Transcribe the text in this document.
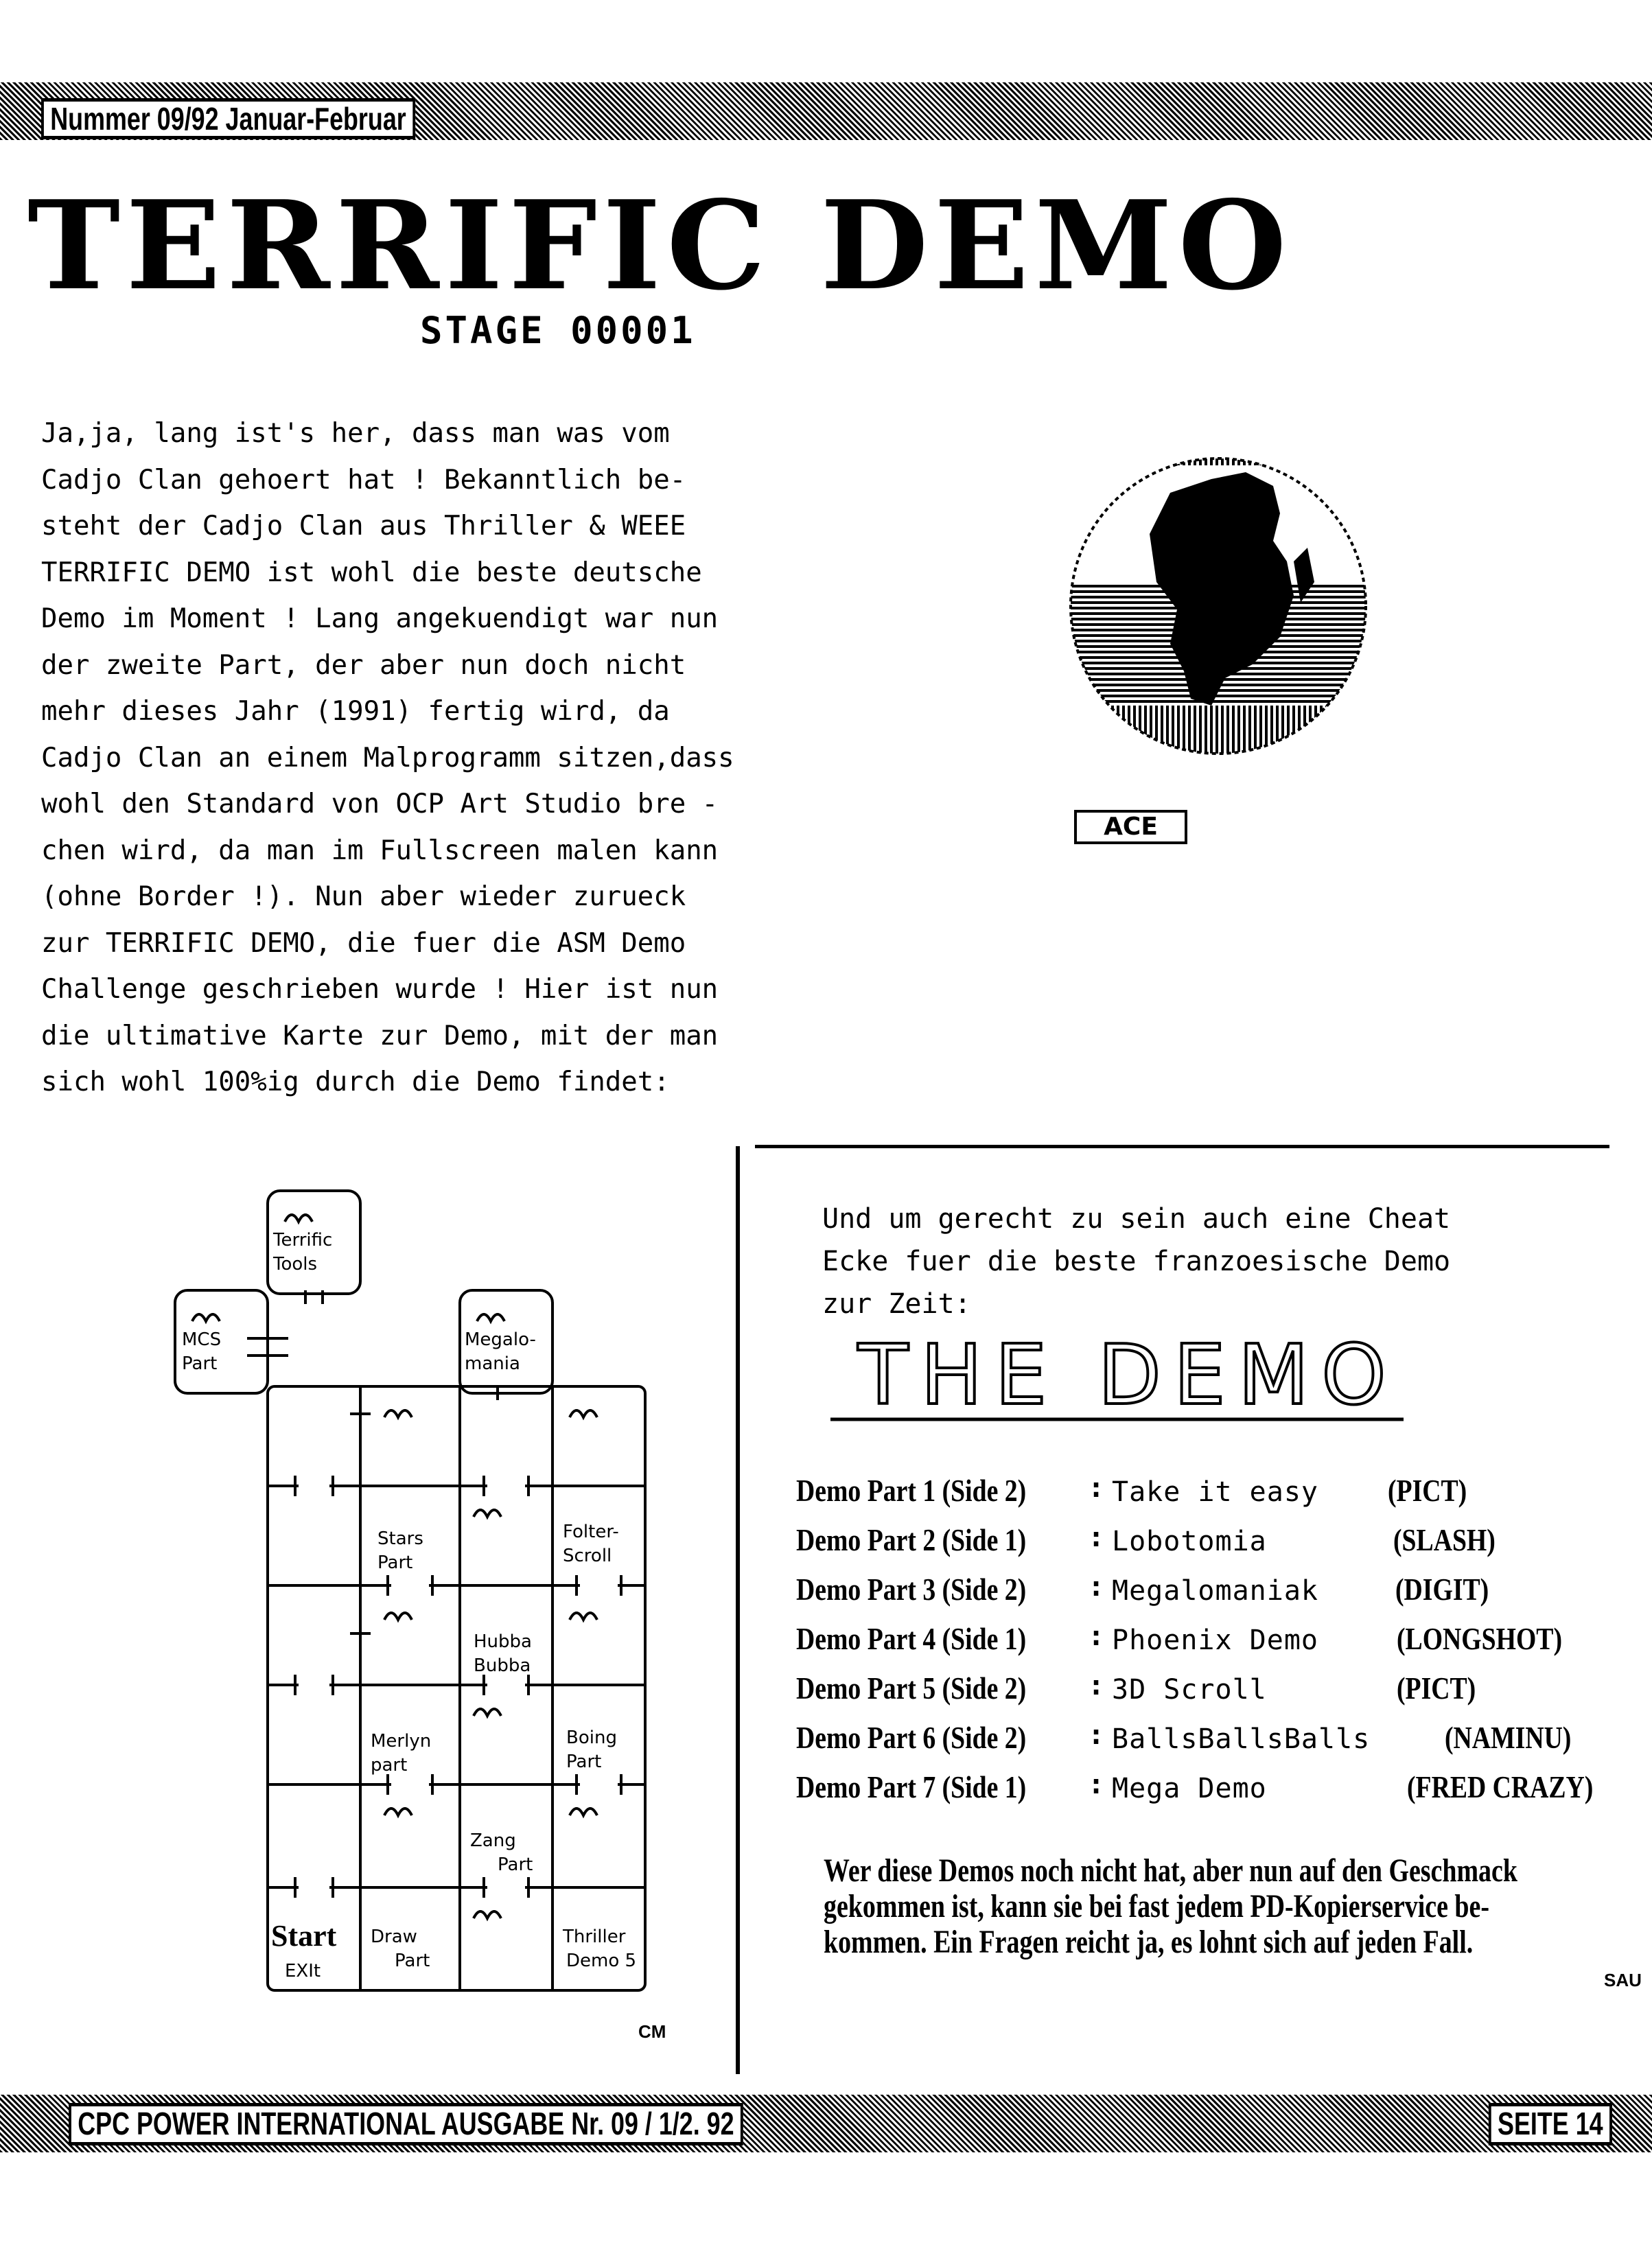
Nummer 09/92 Januar-Februar
TERRIFIC DEMO
STAGE 00001

Ja,ja, lang ist's her, dass man was vom

Cadjo Clan gehoert hat ! Bekanntlich be-

steht der Cadjo Clan aus Thriller & WEEE

TERRIFIC DEMO ist wohl die beste deutsche

Demo im Moment ! Lang angekuendigt war nun

der zweite Part, der aber nun doch nicht

mehr dieses Jahr (1991) fertig wird, da

Cadjo Clan an einem Malprogramm sitzen,dass

wohl den Standard von OCP Art Studio bre -

chen wird, da man im Fullscreen malen kann

(ohne Border !). Nun aber wieder zurueck

zur TERRIFIC DEMO, die fuer die ASM Demo

Challenge geschrieben wurde ! Hier ist nun

die ultimative Karte zur Demo, mit der man

sich wohl 100%ig durch die Demo findet:

ACE
Terrific
Tools
MCS
Part
Megalo-
mania
Stars
Part
Folter-
Scroll
Hubba
Bubba
Merlyn
part
Boing
Part
Zang
Part
Start
EXIt
Draw
Part
Thriller
Demo 5
CM

Und um gerecht zu sein auch eine Cheat

Ecke fuer die beste franzoesische Demo

zur Zeit:

THE DEMO
Demo Part 1 (Side 2) : Take it easy (PICT)
Demo Part 2 (Side 1) : Lobotomia	(SLASH)
Demo Part 3 (Side 2) : Megalomaniak (DIGIT)
Demo Part 4 (Side 1) : Phoenix Demo (LONGSHOT)
Demo Part 5 (Side 2) : 3D Scroll	(PICT)
Demo Part 6 (Side 2) : BallsBallsBalls (NAMINU)
Demo Part 7 (Side 1) : Mega Demo	(FRED CRAZY)

Wer diese Demos noch nicht hat, aber nun auf den Geschmack

gekommen ist, kann sie bei fast jedem PD-Kopierservice be-

kommen. Ein Fragen reicht ja, es lohnt sich auf jeden Fall.

SAU
CPC POWER INTERNATIONAL AUSGABE Nr. 09 / 1/2. 92	SEITE 14
